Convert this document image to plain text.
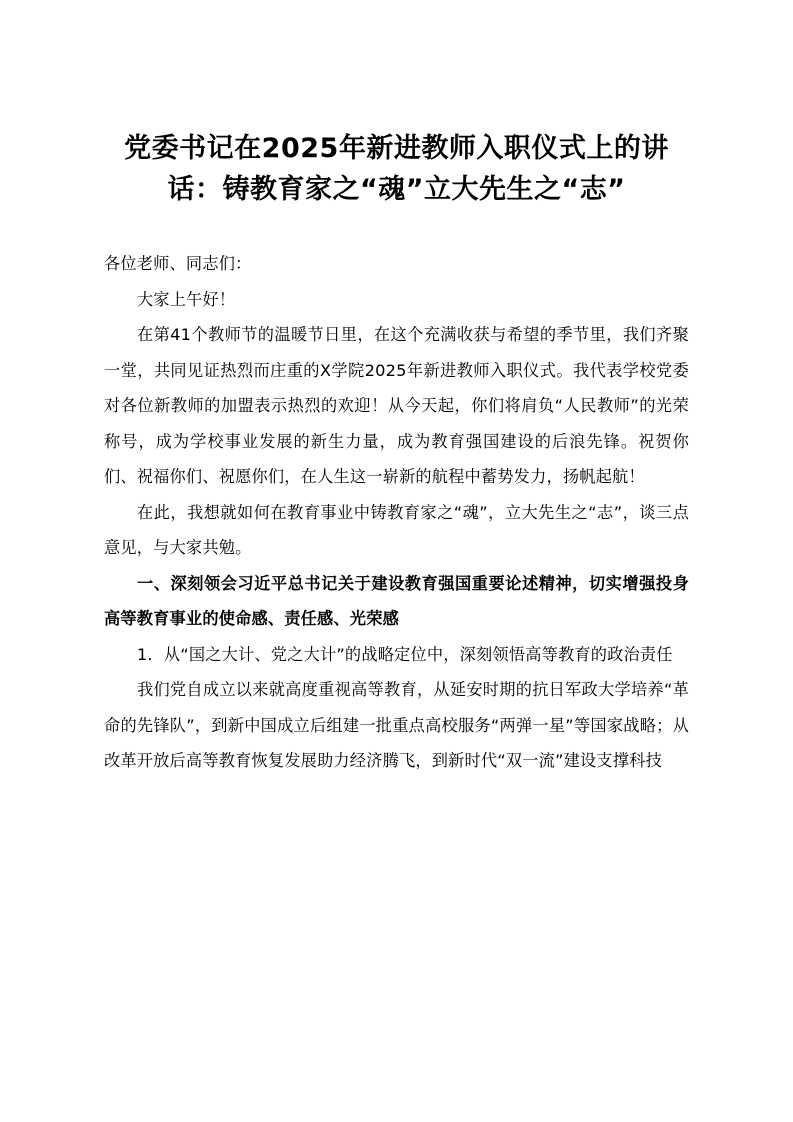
党委书记在2025年新进教师入职仪式上的讲话：铸教育家之“魂”立大先生之“志”

各位老师、同志们：

大家上午好！

在第41个教师节的温暖节日里，在这个充满收获与希望的季节里，我们齐聚一堂，共同见证热烈而庄重的X学院2025年新进教师入职仪式。我代表学校党委对各位新教师的加盟表示热烈的欢迎！从今天起，你们将肩负“人民教师”的光荣称号，成为学校事业发展的新生力量，成为教育强国建设的后浪先锋。祝贺你们、祝福你们、祝愿你们，在人生这一崭新的航程中蓄势发力，扬帆起航！

在此，我想就如何在教育事业中铸教育家之“魂”，立大先生之“志”，谈三点意见，与大家共勉。

一、深刻领会习近平总书记关于建设教育强国重要论述精神，切实增强投身高等教育事业的使命感、责任感、光荣感

1．从“国之大计、党之大计”的战略定位中，深刻领悟高等教育的政治责任

我们党自成立以来就高度重视高等教育，从延安时期的抗日军政大学培养“革命的先锋队”，到新中国成立后组建一批重点高校服务“两弹一星”等国家战略；从改革开放后高等教育恢复发展助力经济腾飞，到新时代“双一流”建设支撑科技
